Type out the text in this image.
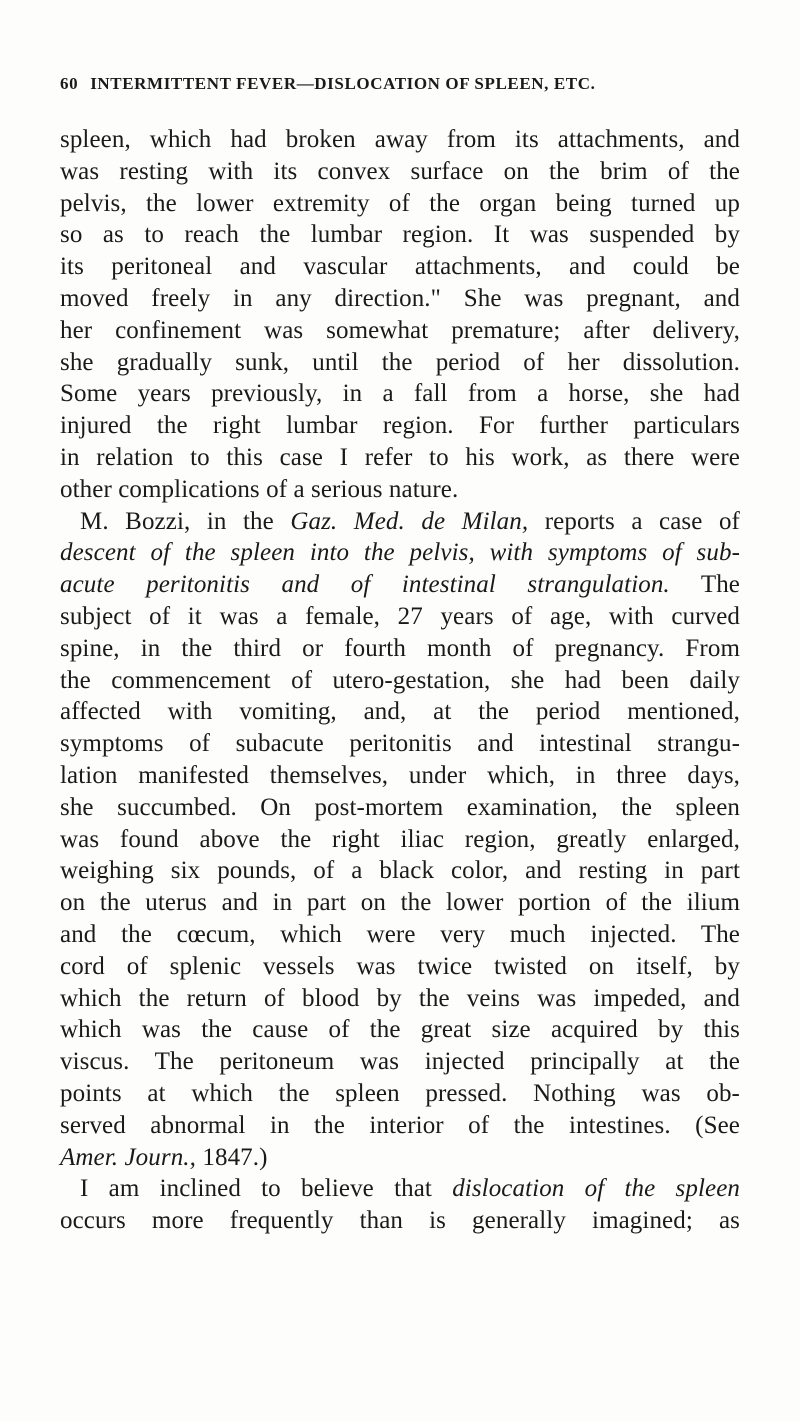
60 INTERMITTENT FEVER—DISLOCATION OF SPLEEN, ETC.
spleen, which had broken away from its attachments, and
was resting with its convex surface on the brim of the
pelvis, the lower extremity of the organ being turned up
so as to reach the lumbar region. It was suspended by
its peritoneal and vascular attachments, and could be
moved freely in any direction." She was pregnant, and
her confinement was somewhat premature; after delivery,
she gradually sunk, until the period of her dissolution.
Some years previously, in a fall from a horse, she had
injured the right lumbar region. For further particulars
in relation to this case I refer to his work, as there were
other complications of a serious nature.
M. Bozzi, in the Gaz. Med. de Milan, reports a case of
descent of the spleen into the pelvis, with symptoms of sub-
acute peritonitis and of intestinal strangulation. The
subject of it was a female, 27 years of age, with curved
spine, in the third or fourth month of pregnancy. From
the commencement of utero-gestation, she had been daily
affected with vomiting, and, at the period mentioned,
symptoms of subacute peritonitis and intestinal strangu-
lation manifested themselves, under which, in three days,
she succumbed. On post-mortem examination, the spleen
was found above the right iliac region, greatly enlarged,
weighing six pounds, of a black color, and resting in part
on the uterus and in part on the lower portion of the ilium
and the cœcum, which were very much injected. The
cord of splenic vessels was twice twisted on itself, by
which the return of blood by the veins was impeded, and
which was the cause of the great size acquired by this
viscus. The peritoneum was injected principally at the
points at which the spleen pressed. Nothing was ob-
served abnormal in the interior of the intestines. (See
Amer. Journ., 1847.)
I am inclined to believe that dislocation of the spleen
occurs more frequently than is generally imagined; as
